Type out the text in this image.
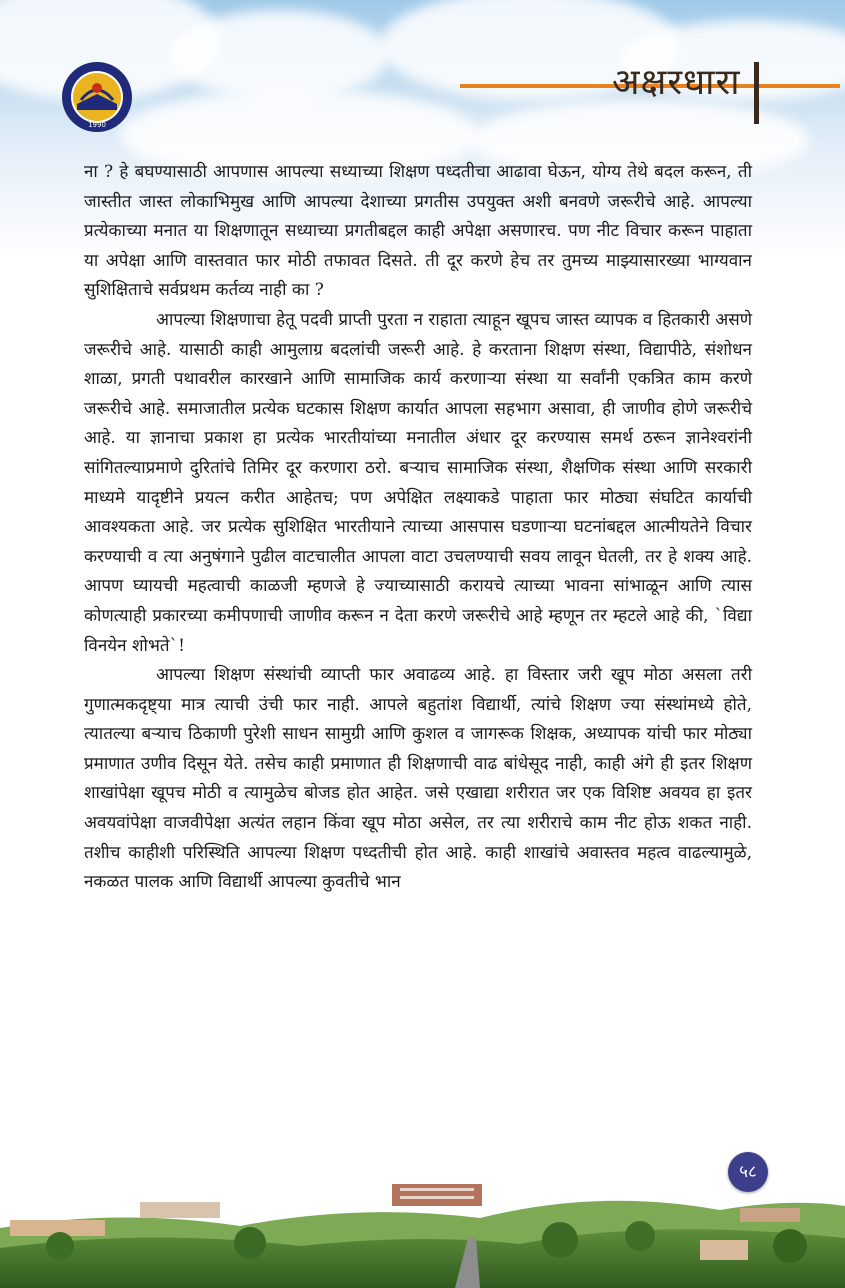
1990
अक्षरधारा

ना ? हे बघण्यासाठी आपणास आपल्या सध्याच्या शिक्षण पध्दतीचा आढावा घेऊन, योग्य तेथे बदल करून, ती जास्तीत जास्त लोकाभिमुख आणि आपल्या देशाच्या प्रगतीस उपयुक्त अशी बनवणे जरूरीचे आहे. आपल्या प्रत्येकाच्या मनात या शिक्षणातून सध्याच्या प्रगतीबद्दल काही अपेक्षा असणारच. पण नीट विचार करून पाहाता या अपेक्षा आणि वास्तवात फार मोठी तफावत दिसते. ती दूर करणे हेच तर तुमच्य माझ्यासारख्या भाग्यवान सुशिक्षिताचे सर्वप्रथम कर्तव्य नाही का ?

आपल्या शिक्षणाचा हेतू पदवी प्राप्ती पुरता न राहाता त्याहून खूपच जास्त व्यापक व हितकारी असणे जरूरीचे आहे. यासाठी काही आमुलाग्र बदलांची जरूरी आहे. हे करताना शिक्षण संस्था, विद्यापीठे, संशोधन शाळा, प्रगती पथावरील कारखाने आणि सामाजिक कार्य करणाऱ्या संस्था या सर्वांनी एकत्रित काम करणे जरूरीचे आहे. समाजातील प्रत्येक घटकास शिक्षण कार्यात आपला सहभाग असावा, ही जाणीव होणे जरूरीचे आहे. या ज्ञानाचा प्रकाश हा प्रत्येक भारतीयांच्या मनातील अंधार दूर करण्यास समर्थ ठरून ज्ञानेश्वरांनी सांगितल्याप्रमाणे दुरितांचे तिमिर दूर करणारा ठरो. बऱ्याच सामाजिक संस्था, शैक्षणिक संस्था आणि सरकारी माध्यमे यादृष्टीने प्रयत्न करीत आहेतच; पण अपेक्षित लक्ष्याकडे पाहाता फार मोठ्या संघटित कार्याची आवश्यकता आहे. जर प्रत्येक सुशिक्षित भारतीयाने त्याच्या आसपास घडणाऱ्या घटनांबद्दल आत्मीयतेने विचार करण्याची व त्या अनुषंगाने पुढील वाटचालीत आपला वाटा उचलण्याची सवय लावून घेतली, तर हे शक्य आहे. आपण घ्यायची महत्वाची काळजी म्हणजे हे ज्याच्यासाठी करायचे त्याच्या भावना सांभाळून आणि त्यास कोणत्याही प्रकारच्या कमीपणाची जाणीव करून न देता करणे जरूरीचे आहे म्हणून तर म्हटले आहे की, `विद्या विनयेन शोभते`!

आपल्या शिक्षण संस्थांची व्याप्ती फार अवाढव्य आहे. हा विस्तार जरी खूप मोठा असला तरी गुणात्मकदृष्ट्या मात्र त्याची उंची फार नाही. आपले बहुतांश विद्यार्थी, त्यांचे शिक्षण ज्या संस्थांमध्ये होते, त्यातल्या बऱ्याच ठिकाणी पुरेशी साधन सामुग्री आणि कुशल व जागरूक शिक्षक, अध्यापक यांची फार मोठ्या प्रमाणात उणीव दिसून येते. तसेच काही प्रमाणात ही शिक्षणाची वाढ बांधेसूद नाही, काही अंगे ही इतर शिक्षण शाखांपेक्षा खूपच मोठी व त्यामुळेच बोजड होत आहेत. जसे एखाद्या शरीरात जर एक विशिष्ट अवयव हा इतर अवयवांपेक्षा वाजवीपेक्षा अत्यंत लहान किंवा खूप मोठा असेल, तर त्या शरीराचे काम नीट होऊ शकत नाही. तशीच काहीशी परिस्थिति आपल्या शिक्षण पध्दतीची होत आहे. काही शाखांचे अवास्तव महत्व वाढल्यामुळे, नकळत पालक आणि विद्यार्थी आपल्या कुवतीचे भान

५८
